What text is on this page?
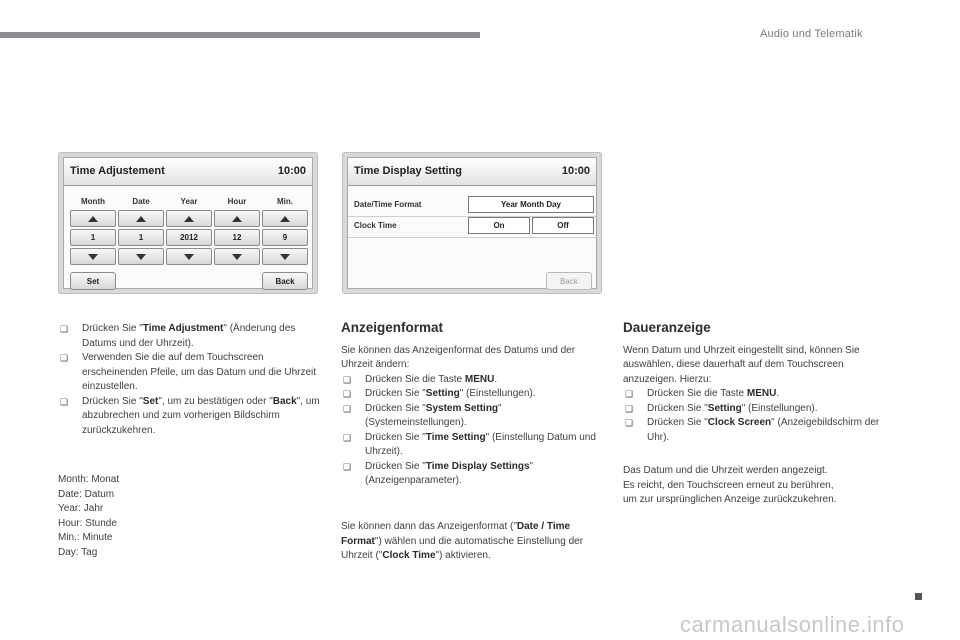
Audio und Telematik
Time Adjustement	10:00
Month	Date	Year	Hour	Min.
1	1	2012	12	9
Set	Back
Time Display Setting	10:00
Date/Time Format	Year Month Day
Clock Time	On	Off
Back
❑ Drücken Sie "Time Adjustment" (Änderung des Datums und der Uhrzeit).
❑ Verwenden Sie die auf dem Touchscreen erscheinenden Pfeile, um das Datum und die Uhrzeit einzustellen.
❑ Drücken Sie "Set", um zu bestätigen oder "Back", um abzubrechen und zum vorherigen Bildschirm zurückzukehren.
Month: Monat
Date: Datum
Year: Jahr
Hour: Stunde
Min.: Minute
Day: Tag
Anzeigenformat
Sie können das Anzeigenformat des Datums und der Uhrzeit ändern:
❑ Drücken Sie die Taste MENU.
❑ Drücken Sie "Setting" (Einstellungen).
❑ Drücken Sie "System Setting" (Systemeinstellungen).
❑ Drücken Sie "Time Setting" (Einstellung Datum und Uhrzeit).
❑ Drücken Sie "Time Display Settings" (Anzeigenparameter).
Sie können dann das Anzeigenformat ("Date / Time Format") wählen und die automatische Einstellung der Uhrzeit ("Clock Time") aktivieren.
Daueranzeige
Wenn Datum und Uhrzeit eingestellt sind, können Sie auswählen, diese dauerhaft auf dem Touchscreen anzuzeigen. Hierzu:
❑ Drücken Sie die Taste MENU.
❑ Drücken Sie "Setting" (Einstellungen).
❑ Drücken Sie "Clock Screen" (Anzeigebildschirm der Uhr).
Das Datum und die Uhrzeit werden angezeigt.
Es reicht, den Touchscreen erneut zu berühren,
um zur ursprünglichen Anzeige zurückzukehren.
carmanualsonline.info
